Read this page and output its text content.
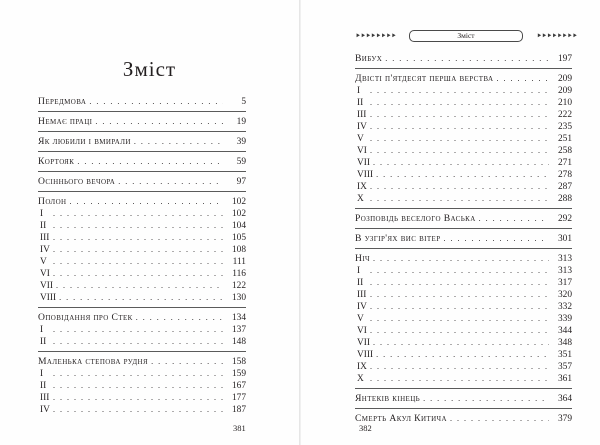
Зміст
Передмова . . .	5
Немає праці . . .	19
Як любили і вмирали . . .	39
Кортояк . . .	59
Осіннього вечора . . .	97
Полон . . .	102
I . . .	102
II . . .	104
III . . .	105
IV . . .	108
V . . .	111
VI . . .	116
VII . . .	122
VIII . . .	130
Оповідання про Стек . . .	134
I . . .	137
II . . .	148
Маленька степова рудня . . .	158
I . . .	159
II . . .	167
III . . .	177
IV . . .	187
381
⯈⯈⯈⯈⯈⯈⯈⯈	Зміст	⯈⯈⯈⯈⯈⯈⯈⯈
Вибух . . .	197
Двісті п'ятдесят перша верства . . .	209
I . . .	209
II . . .	210
III . . .	222
IV . . .	235
V . . .	251
VI . . .	258
VII . . .	271
VIII . . .	278
IX . . .	287
X . . .	288
Розповідь веселого Васька . . .	292
В узгір'ях вис вітер . . .	301
Ніч . . .	313
I . . .	313
II . . .	317
III . . .	320
IV . . .	332
V . . .	339
VI . . .	344
VII . . .	348
VIII . . .	351
IX . . .	357
X . . .	361
Янтеків кінець . . .	364
Смерть Акул Китича . . .	379
382
